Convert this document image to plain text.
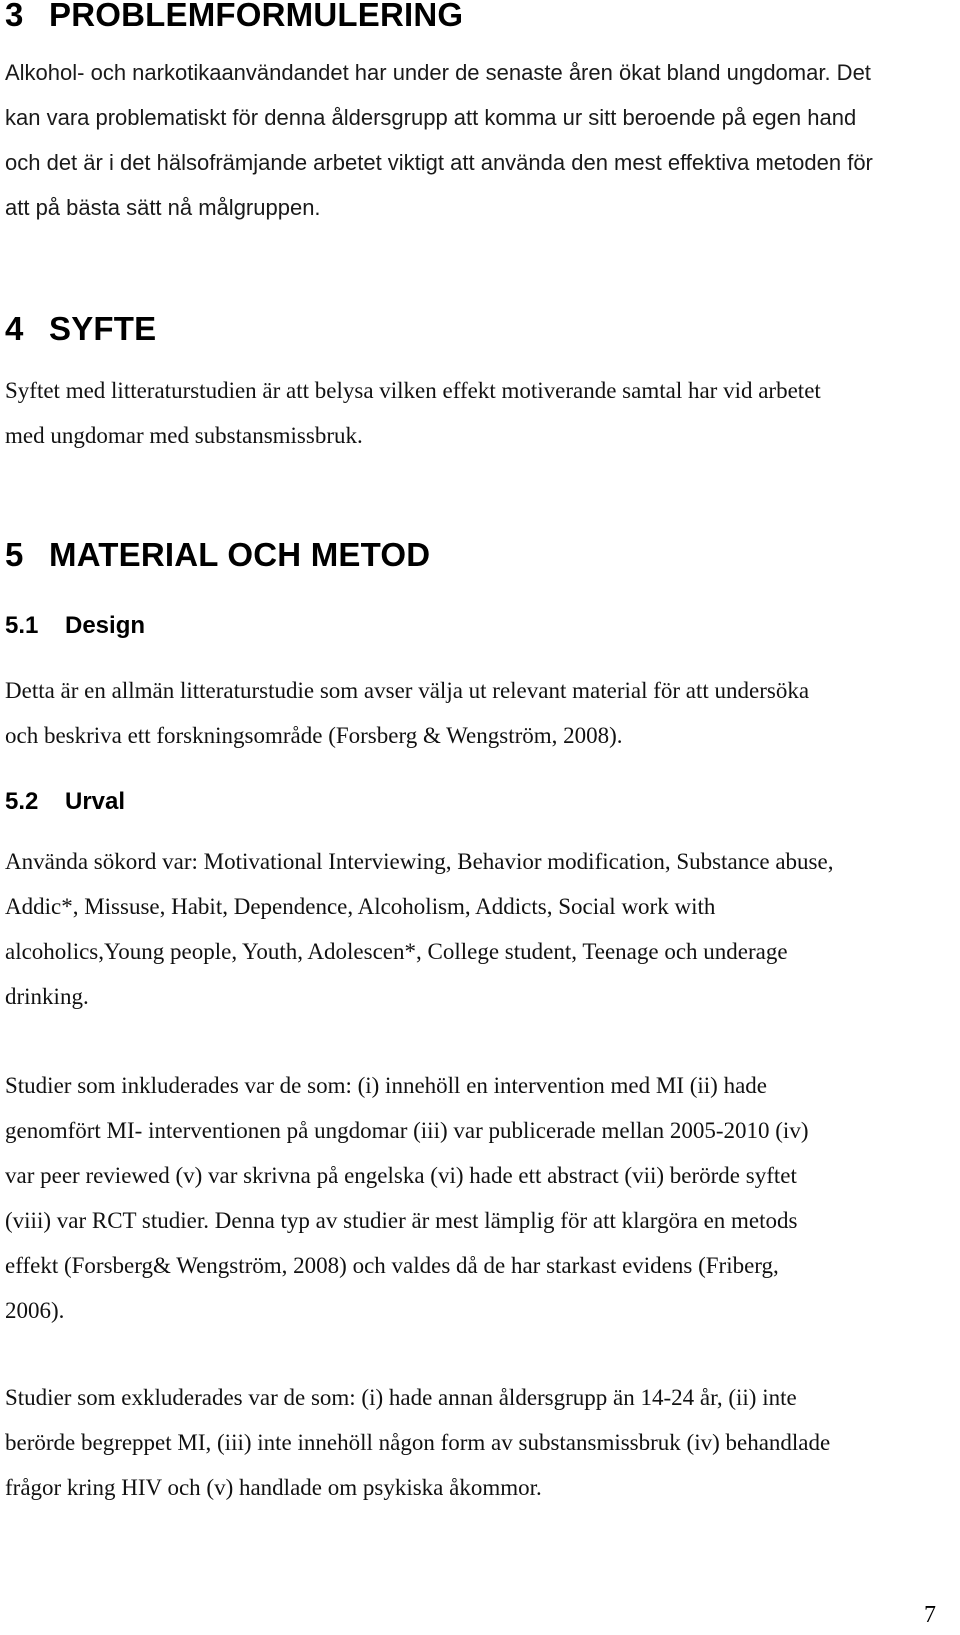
3 PROBLEMFORMULERING

Alkohol- och narkotikaanvändandet har under de senaste åren ökat bland ungdomar. Det
kan vara problematiskt för denna åldersgrupp att komma ur sitt beroende på egen hand
och det är i det hälsofrämjande arbetet viktigt att använda den mest effektiva metoden för
att på bästa sätt nå målgruppen.

4 SYFTE

Syftet med litteraturstudien är att belysa vilken effekt motiverande samtal har vid arbetet
med ungdomar med substansmissbruk.

5 MATERIAL OCH METOD
5.1 Design

Detta är en allmän litteraturstudie som avser välja ut relevant material för att undersöka
och beskriva ett forskningsområde (Forsberg & Wengström, 2008).

5.2 Urval

Använda sökord var: Motivational Interviewing, Behavior modification, Substance abuse,
Addic*, Missuse, Habit, Dependence, Alcoholism, Addicts, Social work with
alcoholics,Young people, Youth, Adolescen*, College student, Teenage och underage
drinking.

Studier som inkluderades var de som: (i) innehöll en intervention med MI (ii) hade
genomfört MI- interventionen på ungdomar (iii) var publicerade mellan 2005-2010 (iv)
var peer reviewed (v) var skrivna på engelska (vi) hade ett abstract (vii) berörde syftet
(viii) var RCT studier. Denna typ av studier är mest lämplig för att klargöra en metods
effekt (Forsberg& Wengström, 2008) och valdes då de har starkast evidens (Friberg,
2006).

Studier som exkluderades var de som: (i) hade annan åldersgrupp än 14-24 år, (ii) inte
berörde begreppet MI, (iii) inte innehöll någon form av substansmissbruk (iv) behandlade
frågor kring HIV och (v) handlade om psykiska åkommor.

7
